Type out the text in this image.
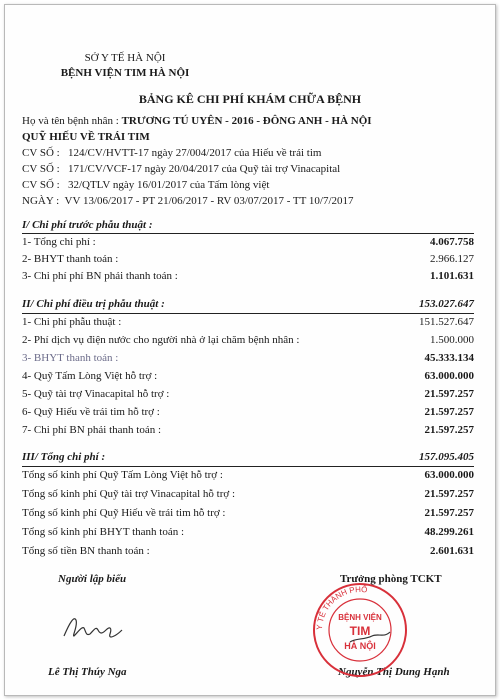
SỞ Y TẾ HÀ NỘI
BỆNH VIỆN TIM HÀ NỘI
BẢNG KÊ CHI PHÍ KHÁM CHỮA BỆNH
Họ và tên bệnh nhân : TRƯƠNG TÚ UYÊN - 2016 - ĐÔNG ANH - HÀ NỘI
QUỸ HIẾU VỀ TRÁI TIM
CV SỐ : 124/CV/HVTT-17 ngày 27/004/2017 của Hiếu về trái tim
CV SỐ : 171/CV/VCF-17 ngày 20/04/2017 của Quỹ tài trợ Vinacapital
CV SỐ : 32/QTLV ngày 16/01/2017 của Tấm lòng việt
NGÀY : VV 13/06/2017 - PT 21/06/2017 - RV 03/07/2017 - TT 10/7/2017
I/ Chi phí trước phẫu thuật :
1- Tổng chi phí :	4.067.758
2- BHYT thanh toán :	2.966.127
3- Chi phí phí BN phải thanh toán :	1.101.631
II/ Chi phí điều trị phẫu thuật :	153.027.647
1- Chi phí phẫu thuật :	151.527.647
2- Phí dịch vụ điện nước cho người nhà ở lại chăm bệnh nhân :	1.500.000
3- BHYT thanh toán :	45.333.134
4- Quỹ Tấm Lòng Việt hỗ trợ :	63.000.000
5- Quỹ tài trợ Vinacapital hỗ trợ :	21.597.257
6- Quỹ Hiếu về trái tim hỗ trợ :	21.597.257
7- Chi phí BN phải thanh toán :	21.597.257
III/ Tổng chi phí :	157.095.405
Tổng số kinh phí Quỹ Tấm Lòng Việt hỗ trợ :	63.000.000
Tổng số kinh phí Quỹ tài trợ Vinacapital hỗ trợ :	21.597.257
Tổng số kinh phí Quỹ Hiếu về trái tim hỗ trợ :	21.597.257
Tổng số kinh phí BHYT thanh toán :	48.299.261
Tổng số tiền BN thanh toán :	2.601.631
Người lập biểu	Trưởng phòng TCKT
Lê Thị Thúy Nga	Nguyễn Thị Dung Hạnh
Y TẾ THÀNH PHỐ
BỆNH VIỆN
TIM
HÀ NỘI
